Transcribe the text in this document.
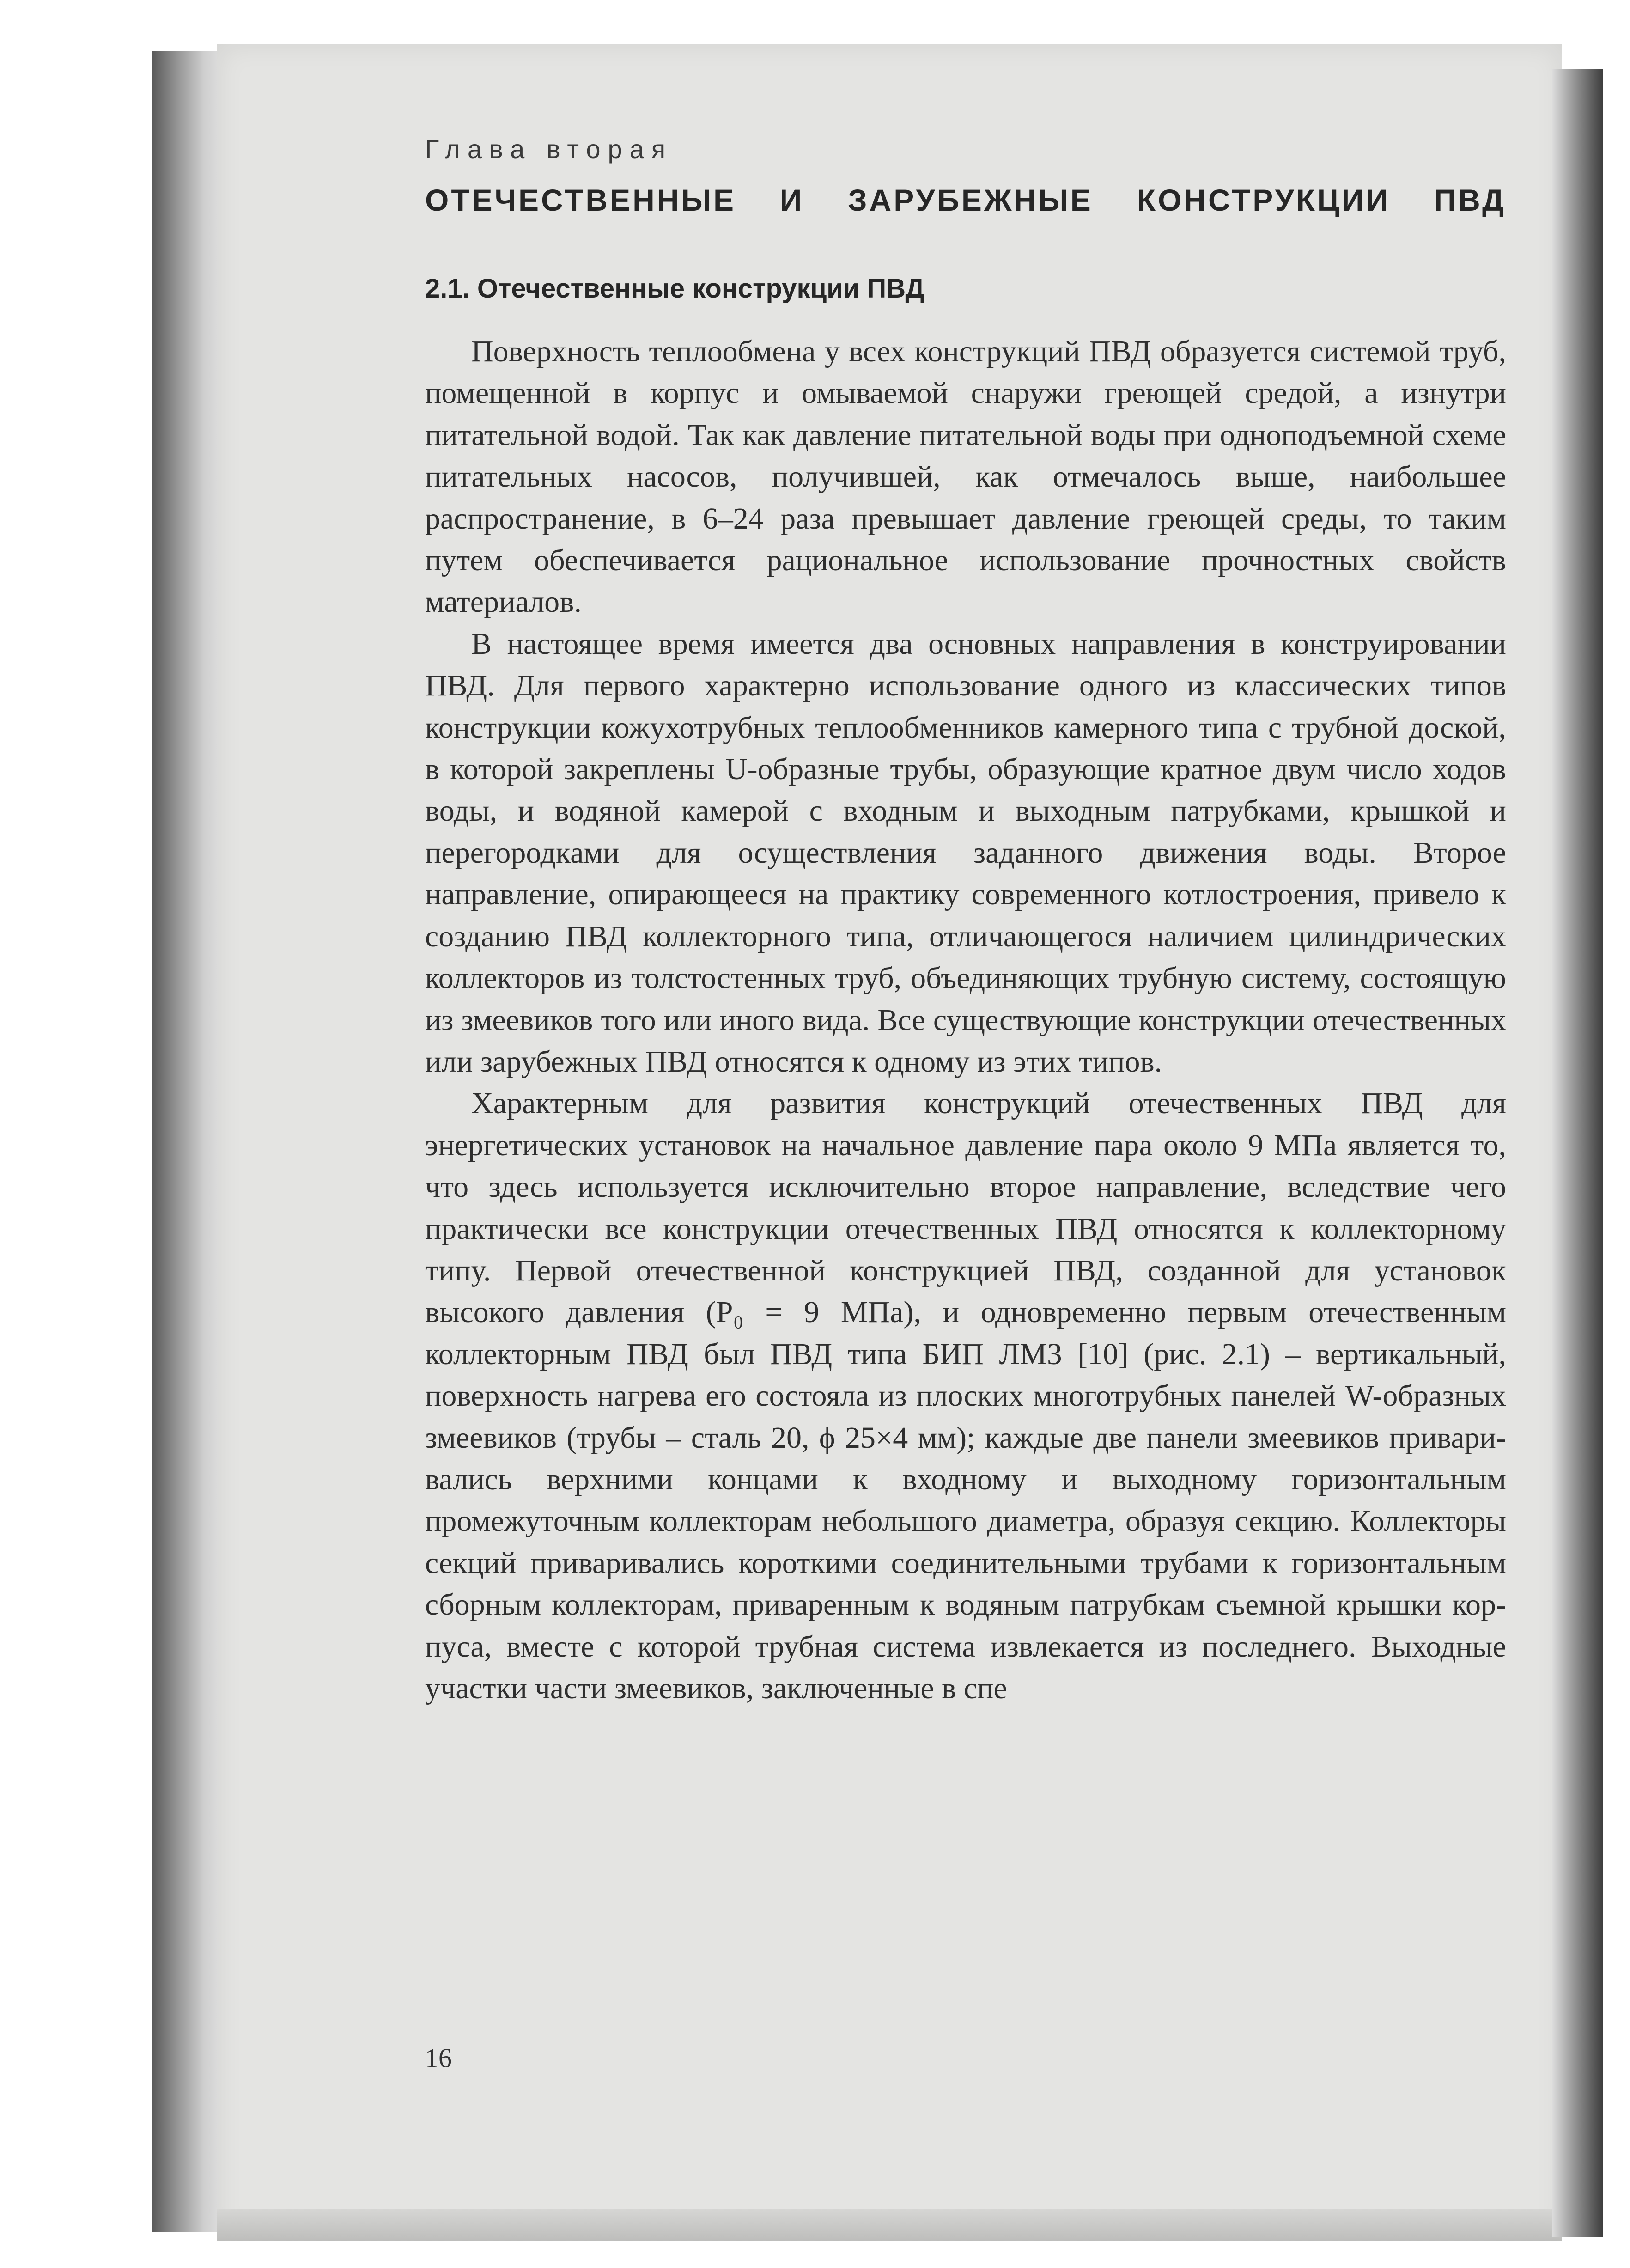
Глава вторая
ОТЕЧЕСТВЕННЫЕ И ЗАРУБЕЖНЫЕ КОНСТРУКЦИИ ПВД
2.1. Отечественные конструкции ПВД

Поверхность теплообмена у всех конструкций ПВД образуется системой труб, помещенной в корпус и омываемой снаружи греющей средой, а изнутри питательной водой. Так как давление питательной воды при одноподъемной схеме питательных насосов, получившей, как отмечалось выше, наибольшее распространение, в 6–24 раза превышает давление греющей среды, то таким путем обеспечивается рациональное использование прочностных свойств материалов.

В настоящее время имеется два основных направления в конструировании ПВД. Для первого характерно использование одного из классических типов конструкции кожухотрубных теплообменников камерного типа с трубной доской, в которой закреплены U-образные трубы, образующие кратное двум число ходов воды, и водяной камерой с входным и выходным патрубками, крышкой и перегородками для осуществления заданного движения воды. Второе направление, опирающееся на практику современного котлостроения, привело к созданию ПВД коллекторного типа, отличающегося наличием цилиндрических коллекторов из толстостенных труб, объединяющих трубную систему, состоящую из змеевиков того или иного вида. Все существующие конструкции отечественных или зарубежных ПВД относятся к одному из этих типов.

Характерным для развития конструкций отечественных ПВД для энергетических установок на начальное давление пара около 9 МПа является то, что здесь используется исключительно второе направление, вследствие чего практически все конструкции отечественных ПВД относятся к коллекторному типу. Первой отечественной конструкцией ПВД, созданной для установок высокого давления (P₀ = 9 МПа), и одновременно первым отечественным коллекторным ПВД был ПВД типа БИП ЛМЗ [10] (рис. 2.1) – вертикальный, поверхность нагрева его состояла из плоских многотрубных панелей W-образных змеевиков (трубы – сталь 20, ϕ 25×4 мм); каждые две панели змеевиков приваривались верхними концами к входному и выходному горизонтальным промежуточным коллекторам небольшого диаметра, образуя секцию. Коллекторы секций приваривались короткими соединительными трубами к горизонтальным сборным коллекторам, приваренным к водяным патрубкам съемной крышки корпуса, вместе с которой трубная система извлекается из последнего. Выходные участки части змеевиков, заключенные в спе

16
